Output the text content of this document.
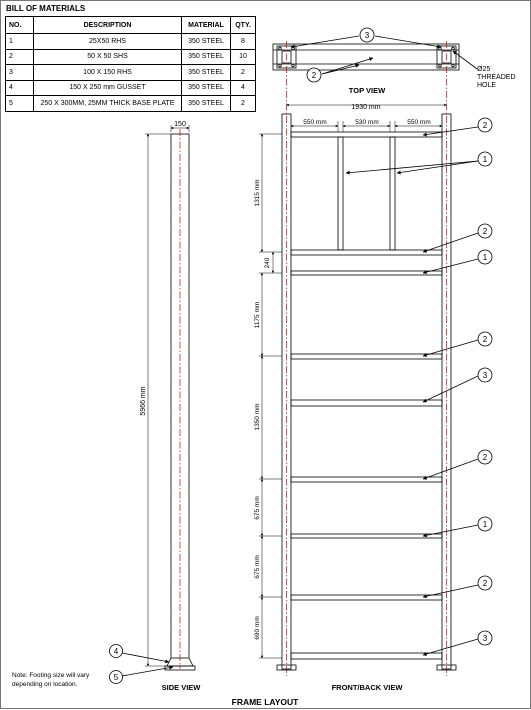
BILL OF MATERIALS
NO.	DESCRIPTION	MATERIAL	QTY.
1	25X50 RHS	350 STEEL	8
2	50 X 50 SHS	350 STEEL	10
3	100 X 150 RHS	350 STEEL	2
4	150 X 250 mm GUSSET	350 STEEL	4
5	250 X 300MM, 25MM THICK BASE PLATE	350 STEEL	2
3
2
Ø25
THREADED
HOLE
TOP VIEW
150
5966 mm
4
5
Note: Footing size will vary
depending on location.	SIDE VIEW
1930 mm
550 mm	530 mm	550 mm
1315 mm
240
1175 mm
1350 mm
675 mm
675 mm
690 mm
2
1
2
1
2
3
2
1
2
3
FRONT/BACK VIEW
FRAME LAYOUT
